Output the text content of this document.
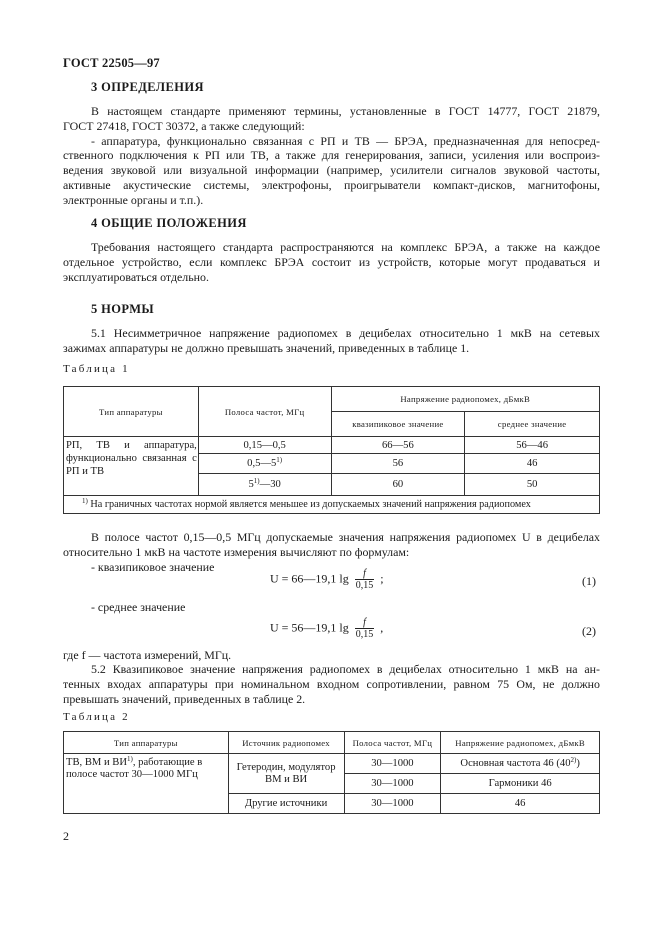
ГОСТ 22505—97
3 ОПРЕДЕЛЕНИЯ
В настоящем стандарте применяют термины, установленные в ГОСТ 14777, ГОСТ 21879,
ГОСТ 27418, ГОСТ 30372, а также следующий:
- аппаратура, функционально связанная с РП и ТВ — БРЭА, предназначенная для непосред-
ственного подключения к РП или ТВ, а также для генерирования, записи, усиления или воспроиз-
ведения звуковой или визуальной информации (например, усилители сигналов звуковой частоты,
активные акустические системы, электрофоны, проигрыватели компакт-дисков, магнитофоны,
электронные органы и т.п.).
4 ОБЩИЕ ПОЛОЖЕНИЯ
Требования настоящего стандарта распространяются на комплекс БРЭА, а также на каждое
отдельное устройство, если комплекс БРЭА состоит из устройств, которые могут продаваться и
эксплуатироваться отдельно.
5 НОРМЫ
5.1 Несимметричное напряжение радиопомех в децибелах относительно 1 мкВ на сетевых
зажимах аппаратуры не должно превышать значений, приведенных в таблице 1.
Таблица 1
Тип аппаратуры	Полоса частот, МГц	Напряжение радиопомех, дБмкВ	
		квазипиковое значение	среднее значение
РП, ТВ и аппаратура, функционально связанная с РП и ТВ	0,15—0,5	66—56	56—46
	0,5—5$^{1)}$	56	46
	5$^{1)}$—30	60	50
$^{1)}$ На граничных частотах нормой является меньшее из допускаемых значений напряжения радиопомех			
В полосе частот 0,15—0,5 МГц допускаемые значения напряжения радиопомех U в децибелах
относительно 1 мкВ на частоте измерения вычисляют по формулам:
- квазипиковое значение
U = 66—19,1 $\lg \frac{f}{0,15}$ ;	(1)
- среднее значение
U = 56—19,1 $\lg \frac{f}{0,15}$ ,	(2)
где f — частота измерений, МГц.
5.2 Квазипиковое значение напряжения радиопомех в децибелах относительно 1 мкВ на ан-
тенных входах аппаратуры при номинальном входном сопротивлении, равном 75 Ом, не должно
превышать значений, приведенных в таблице 2.
Таблица 2
Тип аппаратуры	Источник радиопомех	Полоса частот, МГц	Напряжение радиопомех, дБмкВ
ТВ, ВМ и ВИ$^{1)}$, работающие в полосе частот 30—1000 МГц	Гетеродин, модулятор ВМ и ВИ	30—1000	Основная частота 46 (40$^{2)}$)
		30—1000	Гармоники 46
	Другие источники	30—1000	46
2
